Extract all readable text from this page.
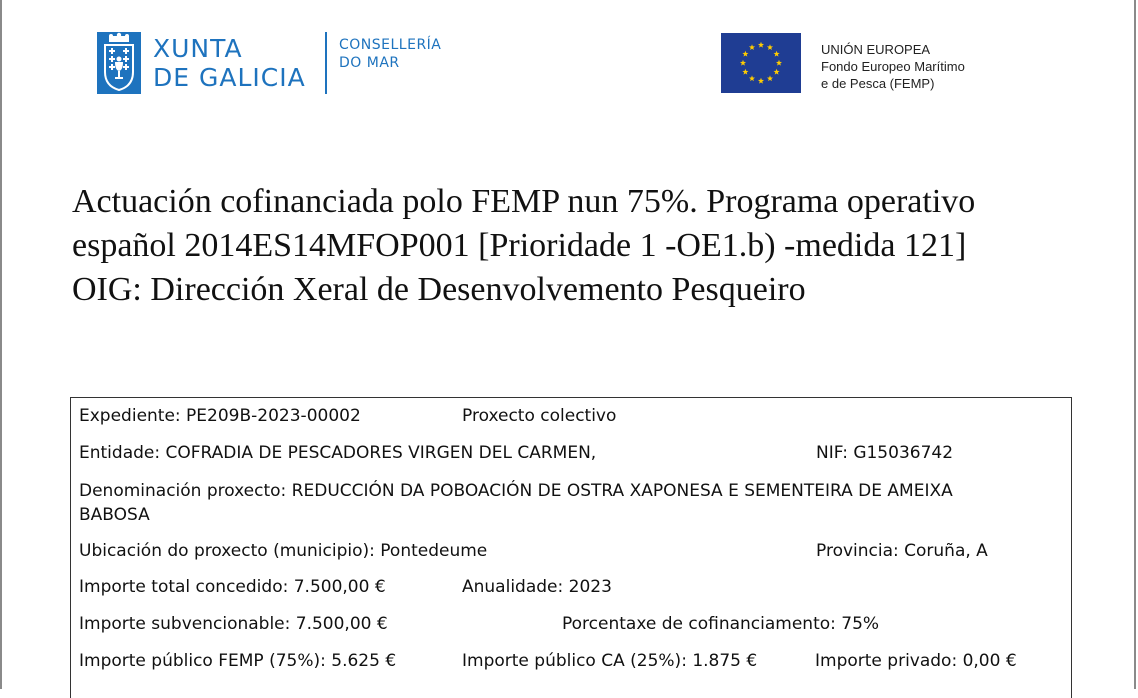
XUNTA
DE GALICIA
CONSELLERÍA
DO MAR
UNIÓN EUROPEA
Fondo Europeo Marítimo
e de Pesca (FEMP)
Actuación cofinanciada polo FEMP nun 75%. Programa operativo
español 2014ES14MFOP001 [Prioridade 1 -OE1.b) -medida 121]
OIG: Dirección Xeral de Desenvolvemento Pesqueiro
Expediente: PE209B-2023-00002	Proxecto colectivo
Entidade: COFRADIA DE PESCADORES VIRGEN DEL CARMEN,	NIF: G15036742
Denominación proxecto: REDUCCIÓN DA POBOACIÓN DE OSTRA XAPONESA E SEMENTEIRA DE AMEIXA
BABOSA
Ubicación do proxecto (municipio): Pontedeume	Provincia: Coruña, A
Importe total concedido: 7.500,00 €	Anualidade: 2023
Importe subvencionable: 7.500,00 €	Porcentaxe de cofinanciamento: 75%
Importe público FEMP (75%): 5.625 €	Importe público CA (25%): 1.875 €	Importe privado: 0,00 €
